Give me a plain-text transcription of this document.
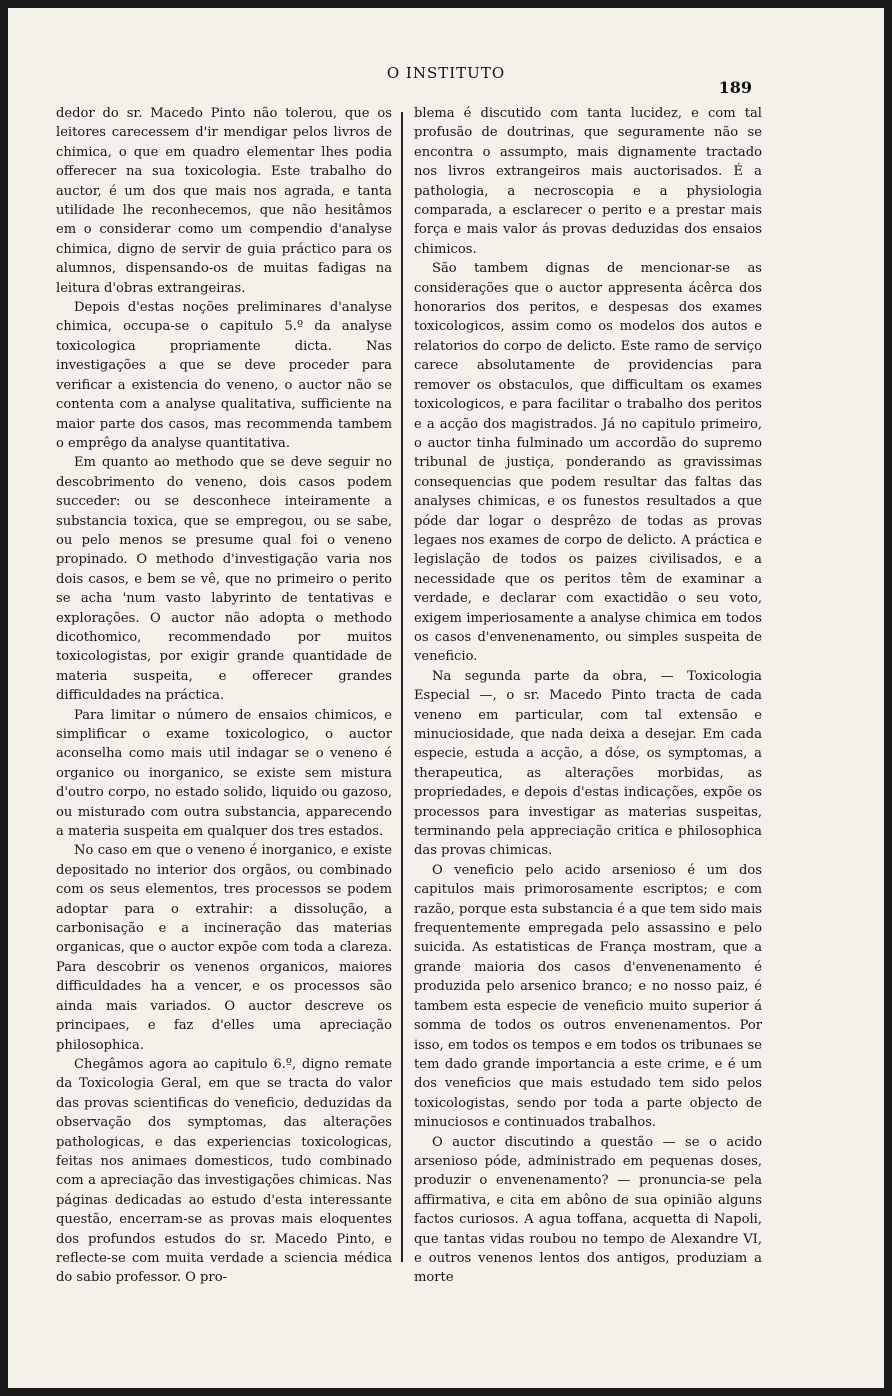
O INSTITUTO
189

dedor do sr. Macedo Pinto não tolerou, que os leitores carecessem d'ir mendigar pelos livros de chimica, o que em quadro elementar lhes podia offerecer na sua toxicologia. Este trabalho do auctor, é um dos que mais nos agrada, e tanta utilidade lhe reconhecemos, que não hesitâmos em o considerar como um compendio d'analyse chimica, digno de servir de guia práctico para os alumnos, dispensando-os de muitas fadigas na leitura d'obras extrangeiras.

Depois d'estas noções preliminares d'analyse chimica, occupa-se o capitulo 5.º da analyse toxicologica propriamente dicta. Nas investigações a que se deve proceder para verificar a existencia do veneno, o auctor não se contenta com a analyse qualitativa, sufficiente na maior parte dos casos, mas recommenda tambem o emprêgo da analyse quantitativa.

Em quanto ao methodo que se deve seguir no descobrimento do veneno, dois casos podem succeder: ou se desconhece inteiramente a substancia toxica, que se empregou, ou se sabe, ou pelo menos se presume qual foi o veneno propinado. O methodo d'investigação varia nos dois casos, e bem se vê, que no primeiro o perito se acha 'num vasto labyrinto de tentativas e explorações. O auctor não adopta o methodo dicothomico, recommendado por muitos toxicologistas, por exigir grande quantidade de materia suspeita, e offerecer grandes difficuldades na práctica.

Para limitar o número de ensaios chimicos, e simplificar o exame toxicologico, o auctor aconselha como mais util indagar se o veneno é organico ou inorganico, se existe sem mistura d'outro corpo, no estado solido, liquido ou gazoso, ou misturado com outra substancia, apparecendo a materia suspeita em qualquer dos tres estados.

No caso em que o veneno é inorganico, e existe depositado no interior dos orgãos, ou combinado com os seus elementos, tres processos se podem adoptar para o extrahir: a dissolução, a carbonisação e a incineração das materias organicas, que o auctor expõe com toda a clareza. Para descobrir os venenos organicos, maiores difficuldades ha a vencer, e os processos são ainda mais variados. O auctor descreve os principaes, e faz d'elles uma apreciação philosophica.

Chegâmos agora ao capitulo 6.º, digno remate da Toxicologia Geral, em que se tracta do valor das provas scientificas do veneficio, deduzidas da observação dos symptomas, das alterações pathologicas, e das experiencias toxicologicas, feitas nos animaes domesticos, tudo combinado com a apreciação das investigações chimicas. Nas páginas dedicadas ao estudo d'esta interessante questão, encerram-se as provas mais eloquentes dos profundos estudos do sr. Macedo Pinto, e reflecte-se com muita verdade a sciencia médica do sabio professor. O pro-

blema é discutido com tanta lucidez, e com tal profusão de doutrinas, que seguramente não se encontra o assumpto, mais dignamente tractado nos livros extrangeiros mais auctorisados. É a pathologia, a necroscopia e a physiologia comparada, a esclarecer o perito e a prestar mais força e mais valor ás provas deduzidas dos ensaios chimicos.

São tambem dignas de mencionar-se as considerações que o auctor appresenta ácêrca dos honorarios dos peritos, e despesas dos exames toxicologicos, assim como os modelos dos autos e relatorios do corpo de delicto. Este ramo de serviço carece absolutamente de providencias para remover os obstaculos, que difficultam os exames toxicologicos, e para facilitar o trabalho dos peritos e a acção dos magistrados. Já no capitulo primeiro, o auctor tinha fulminado um accordão do supremo tribunal de justiça, ponderando as gravissimas consequencias que podem resultar das faltas das analyses chimicas, e os funestos resultados a que póde dar logar o desprêzo de todas as provas legaes nos exames de corpo de delicto. A práctica e legislação de todos os paizes civilisados, e a necessidade que os peritos têm de examinar a verdade, e declarar com exactidão o seu voto, exigem imperiosamente a analyse chimica em todos os casos d'envenenamento, ou simples suspeita de veneficio.

Na segunda parte da obra, — Toxicologia Especial —, o sr. Macedo Pinto tracta de cada veneno em particular, com tal extensão e minuciosidade, que nada deixa a desejar. Em cada especie, estuda a acção, a dóse, os symptomas, a therapeutica, as alterações morbidas, as propriedades, e depois d'estas indicações, expõe os processos para investigar as materias suspeitas, terminando pela appreciação critica e philosophica das provas chimicas.

O veneficio pelo acido arsenioso é um dos capitulos mais primorosamente escriptos; e com razão, porque esta substancia é a que tem sido mais frequentemente empregada pelo assassino e pelo suicida. As estatisticas de França mostram, que a grande maioria dos casos d'envenenamento é produzida pelo arsenico branco; e no nosso paiz, é tambem esta especie de veneficio muito superior á somma de todos os outros envenenamentos. Por isso, em todos os tempos e em todos os tribunaes se tem dado grande importancia a este crime, e é um dos veneficios que mais estudado tem sido pelos toxicologistas, sendo por toda a parte objecto de minuciosos e continuados trabalhos.

O auctor discutindo a questão — se o acido arsenioso póde, administrado em pequenas doses, produzir o envenenamento? — pronuncia-se pela affirmativa, e cita em abôno de sua opinião alguns factos curiosos. A agua toffana, acquetta di Napoli, que tantas vidas roubou no tempo de Alexandre VI, e outros venenos lentos dos antigos, produziam a morte
